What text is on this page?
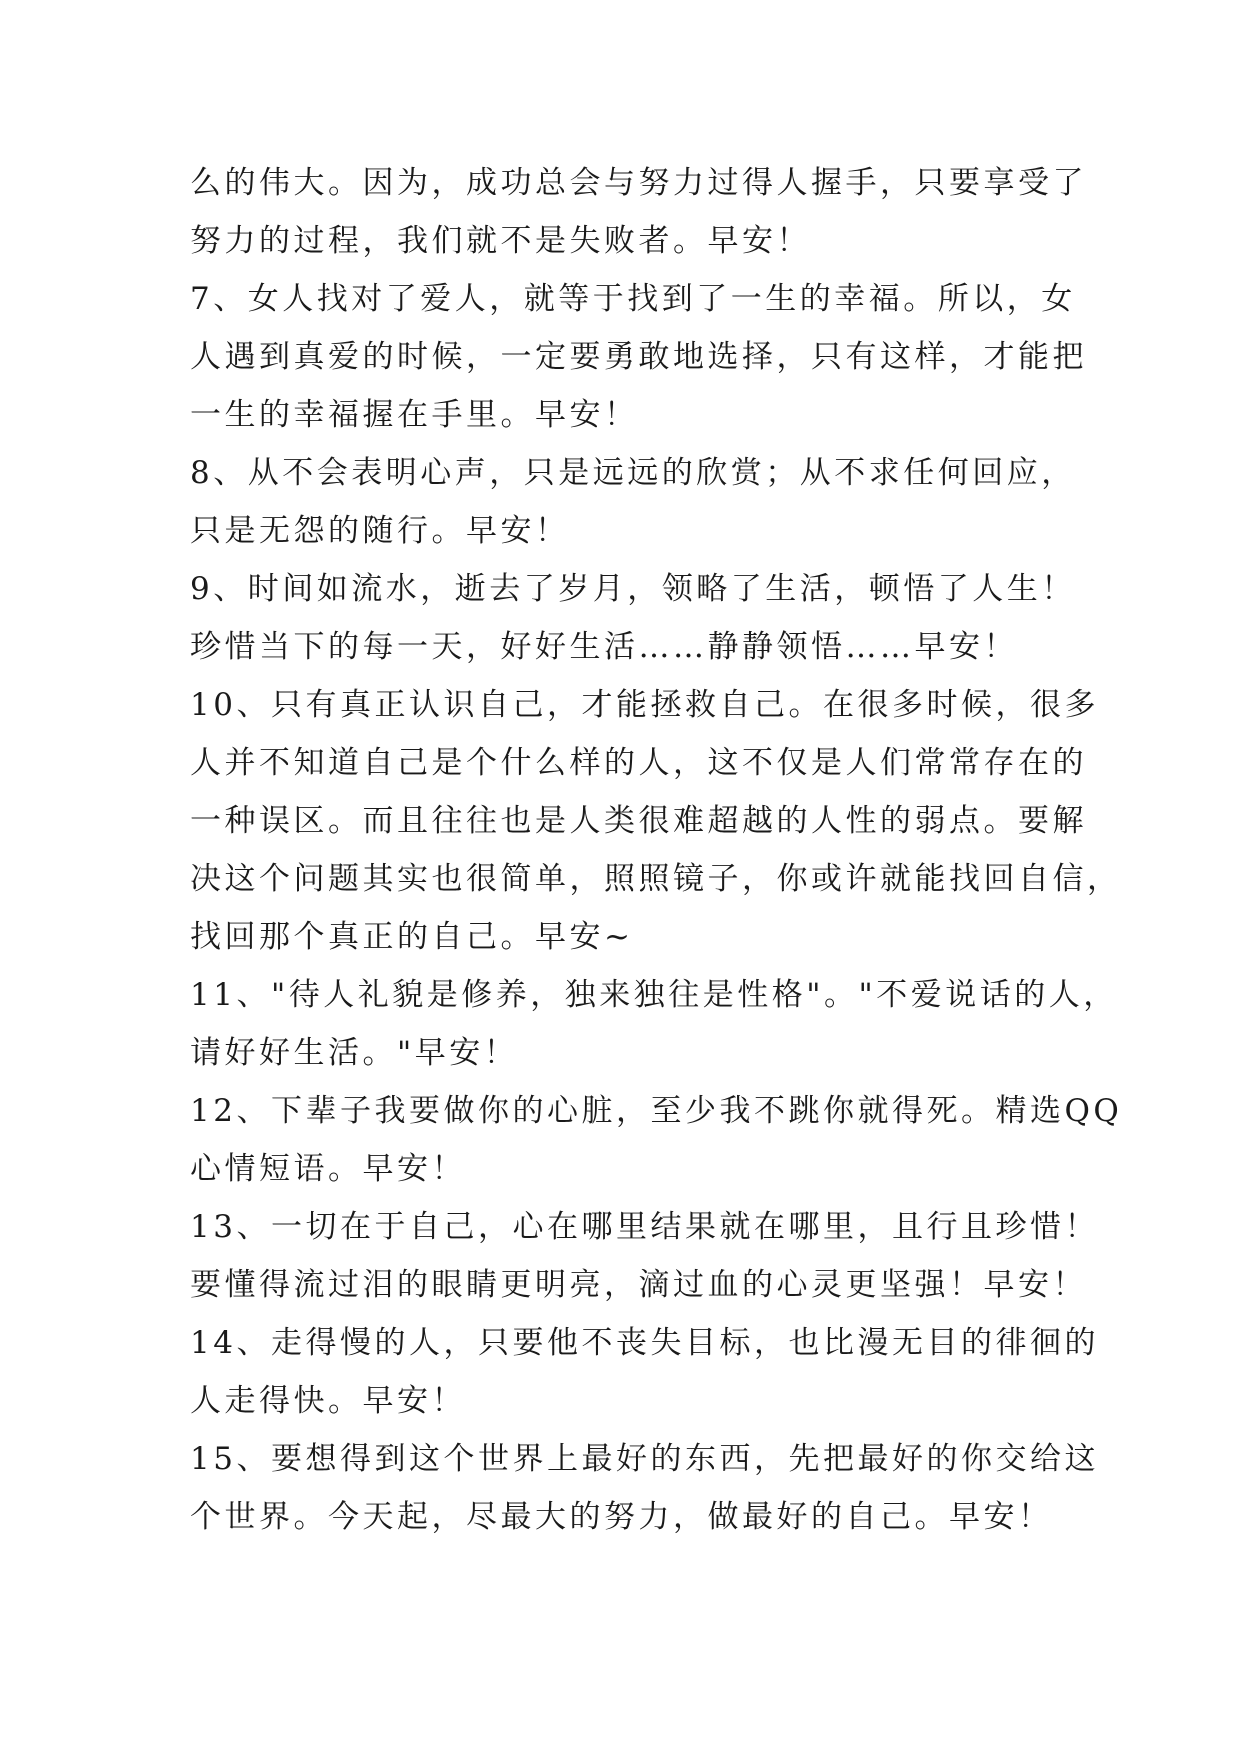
么的伟大。因为，成功总会与努力过得人握手，只要享受了
努力的过程，我们就不是失败者。早安！
7、女人找对了爱人，就等于找到了一生的幸福。所以，女
人遇到真爱的时候，一定要勇敢地选择，只有这样，才能把
一生的幸福握在手里。早安！
8、从不会表明心声，只是远远的欣赏；从不求任何回应，
只是无怨的随行。早安！
9、时间如流水，逝去了岁月，领略了生活，顿悟了人生！
珍惜当下的每一天，好好生活……静静领悟……早安！
10、只有真正认识自己，才能拯救自己。在很多时候，很多
人并不知道自己是个什么样的人，这不仅是人们常常存在的
一种误区。而且往往也是人类很难超越的人性的弱点。要解
决这个问题其实也很简单，照照镜子，你或许就能找回自信，
找回那个真正的自己。早安~
11、"待人礼貌是修养，独来独往是性格"。"不爱说话的人，
请好好生活。"早安！
12、下辈子我要做你的心脏，至少我不跳你就得死。精选QQ
心情短语。早安！
13、一切在于自己，心在哪里结果就在哪里，且行且珍惜！
要懂得流过泪的眼睛更明亮，滴过血的心灵更坚强！早安！
14、走得慢的人，只要他不丧失目标，也比漫无目的徘徊的
人走得快。早安！
15、要想得到这个世界上最好的东西，先把最好的你交给这
个世界。今天起，尽最大的努力，做最好的自己。早安！
